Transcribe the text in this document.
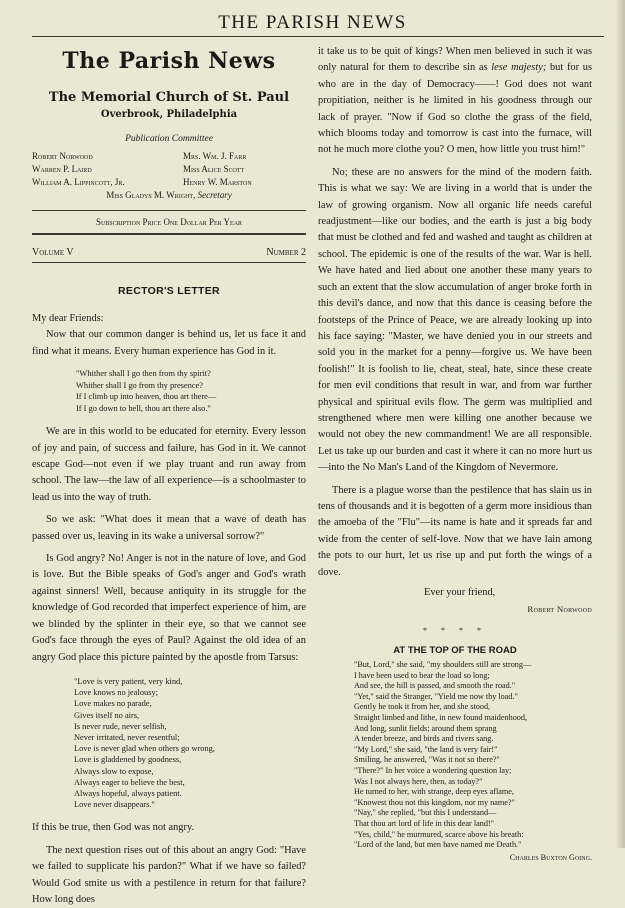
THE PARISH NEWS
The Parish News
The Memorial Church of St. Paul
Overbrook, Philadelphia
Publication Committee
Robert Norwood	Mrs. Wm. J. Farr
Warren P. Laird	Miss Alice Scott
William A. Lippincott, Jr.	Henry W. Marston
Miss Gladys M. Wright, Secretary
Subscription Price One Dollar Per Year
Volume V	Number 2
RECTOR'S LETTER

My dear Friends:

Now that our common danger is behind us, let us face it and find what it means. Every human experience has God in it.

"Whither shall I go then from thy spirit?
Whither shall I go from thy presence?
If I climb up into heaven, thou art there—
If I go down to hell, thou art there also."

We are in this world to be educated for eternity. Every lesson of joy and pain, of success and failure, has God in it. We cannot escape God—not even if we play truant and run away from school. The law—the law of all experience—is a schoolmaster to lead us into the way of truth.

So we ask: "What does it mean that a wave of death has passed over us, leaving in its wake a universal sorrow?"

Is God angry? No! Anger is not in the nature of love, and God is love. But the Bible speaks of God's anger and God's wrath against sinners! Well, because antiquity in its struggle for the knowledge of God recorded that imperfect experience of him, are we blinded by the splinter in their eye, so that we cannot see God's face through the eyes of Paul? Against the old idea of an angry God place this picture painted by the apostle from Tarsus:

"Love is very patient, very kind,
Love knows no jealousy;
Love makes no parade,
Gives itself no airs,
Is never rude, never selfish,
Never irritated, never resentful;
Love is never glad when others go wrong,
Love is gladdened by goodness,
Always slow to expose,
Always eager to believe the best,
Always hopeful, always patient.
Love never disappears."

If this be true, then God was not angry.

The next question rises out of this about an angry God: "Have we failed to supplicate his pardon?" What if we have so failed? Would God smite us with a pestilence in return for that failure? How long does

it take us to be quit of kings? When men believed in such it was only natural for them to describe sin as lese majesty; but for us who are in the day of Democracy——! God does not want propitiation, neither is he limited in his goodness through our lack of prayer. "Now if God so clothe the grass of the field, which blooms today and tomorrow is cast into the furnace, will not he much more clothe you? O men, how little you trust him!"

No; these are no answers for the mind of the modern faith. This is what we say: We are living in a world that is under the law of growing organism. Now all organic life needs careful readjustment—like our bodies, and the earth is just a big body that must be clothed and fed and washed and taught as children at school. The epidemic is one of the results of the war. War is hell. We have hated and lied about one another these many years to such an extent that the slow accumulation of anger broke forth in this devil's dance, and now that this dance is ceasing before the footsteps of the Prince of Peace, we are already looking up into his face saying: "Master, we have denied you in our streets and sold you in the market for a penny—forgive us. We have been foolish!" It is foolish to lie, cheat, steal, hate, since these create for men evil conditions that result in war, and from war further physical and spiritual evils flow. The germ was multiplied and strengthened where men were killing one another because we would not obey the new commandment! We are all responsible. Let us take up our burden and cast it where it can no more hurt us—into the No Man's Land of the Kingdom of Nevermore.

There is a plague worse than the pestilence that has slain us in tens of thousands and it is begotten of a germ more insidious than the amoeba of the "Flu"—its name is hate and it spreads far and wide from the center of self-love. Now that we have lain among the pots to our hurt, let us rise up and put forth the wings of a dove.

Ever your friend,
Robert Norwood
* * * *
AT THE TOP OF THE ROAD
"But, Lord," she said, "my shoulders still are strong—
I have been used to bear the load so long;
And see, the hill is passed, and smooth the road."
"Yet," said the Stranger, "Yield me now thy load."
Gently he took it from her, and she stood,
Straight limbed and lithe, in new found maidenhood,
And long, sunlit fields; around them sprang
A tender breeze, and birds and rivers sang.
"My Lord," she said, "the land is very fair!"
Smiling, he answered, "Was it not so there?"
"There?" In her voice a wondering question lay;
Was I not always here, then, as today?"
He turned to her, with strange, deep eyes aflame,
"Knowest thou not this kingdom, nor my name?"
"Nay," she replied, "but this I understand—
That thou art lord of life in this dear land!"
"Yes, child," he murmured, scarce above his breath:
"Lord of the land, but men have named me Death."
Charles Buxton Going.
